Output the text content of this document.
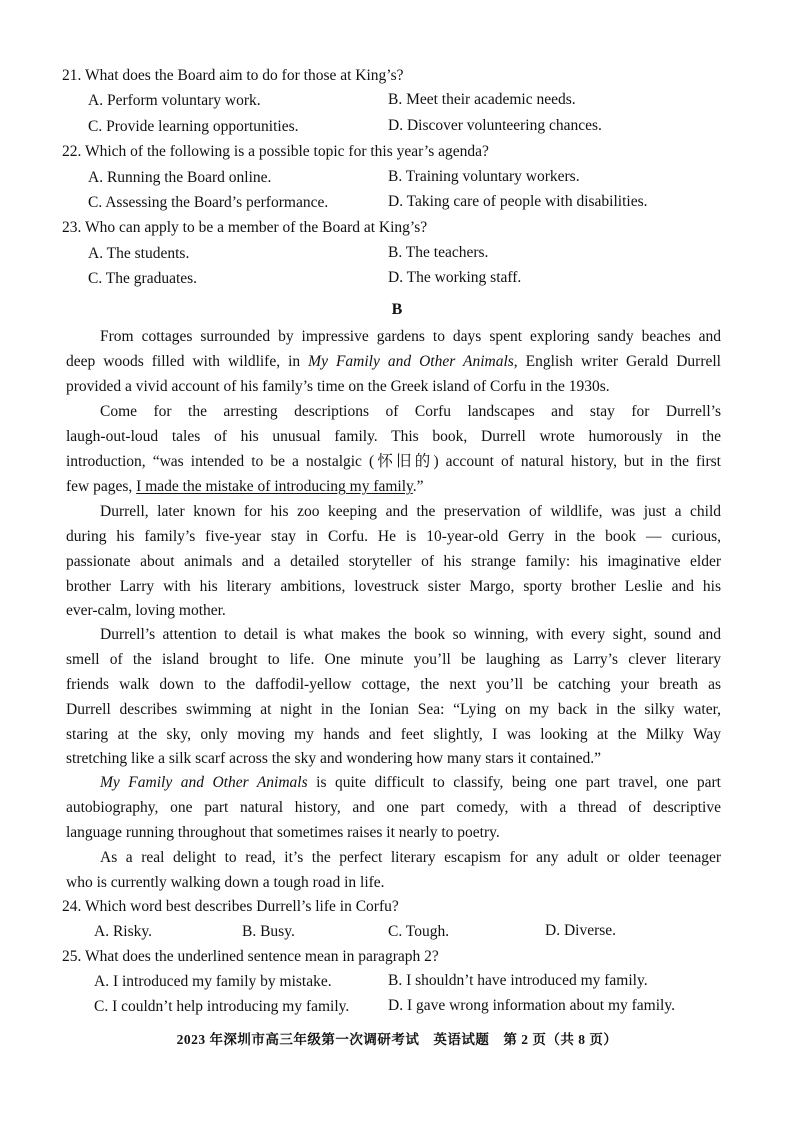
21. What does the Board aim to do for those at King’s?
A. Perform voluntary work.	B. Meet their academic needs.
C. Provide learning opportunities.	D. Discover volunteering chances.
22. Which of the following is a possible topic for this year’s agenda?
A. Running the Board online.	B. Training voluntary workers.
C. Assessing the Board’s performance.	D. Taking care of people with disabilities.
23. Who can apply to be a member of the Board at King’s?
A. The students.	B. The teachers.
C. The graduates.	D. The working staff.
B
From cottages surrounded by impressive gardens to days spent exploring sandy beaches and
deep woods filled with wildlife, in My Family and Other Animals, English writer Gerald Durrell
provided a vivid account of his family’s time on the Greek island of Corfu in the 1930s.
Come for the arresting descriptions of Corfu landscapes and stay for Durrell’s
laugh-out-loud tales of his unusual family. This book, Durrell wrote humorously in the
introduction, “was intended to be a nostalgic (怀旧的) account of natural history, but in the first
few pages, I made the mistake of introducing my family.”
Durrell, later known for his zoo keeping and the preservation of wildlife, was just a child
during his family’s five-year stay in Corfu. He is 10-year-old Gerry in the book — curious,
passionate about animals and a detailed storyteller of his strange family: his imaginative elder
brother Larry with his literary ambitions, lovestruck sister Margo, sporty brother Leslie and his
ever-calm, loving mother.
Durrell’s attention to detail is what makes the book so winning, with every sight, sound and
smell of the island brought to life. One minute you’ll be laughing as Larry’s clever literary
friends walk down to the daffodil-yellow cottage, the next you’ll be catching your breath as
Durrell describes swimming at night in the Ionian Sea: “Lying on my back in the silky water,
staring at the sky, only moving my hands and feet slightly, I was looking at the Milky Way
stretching like a silk scarf across the sky and wondering how many stars it contained.”
My Family and Other Animals is quite difficult to classify, being one part travel, one part
autobiography, one part natural history, and one part comedy, with a thread of descriptive
language running throughout that sometimes raises it nearly to poetry.
As a real delight to read, it’s the perfect literary escapism for any adult or older teenager
who is currently walking down a tough road in life.
24. Which word best describes Durrell’s life in Corfu?
A. Risky.	B. Busy.	C. Tough.	D. Diverse.
25. What does the underlined sentence mean in paragraph 2?
A. I introduced my family by mistake.	B. I shouldn’t have introduced my family.
C. I couldn’t help introducing my family. D. I gave wrong information about my family.
2023 年深圳市高三年级第一次调研考试　英语试题　第 2 页（共 8 页）
